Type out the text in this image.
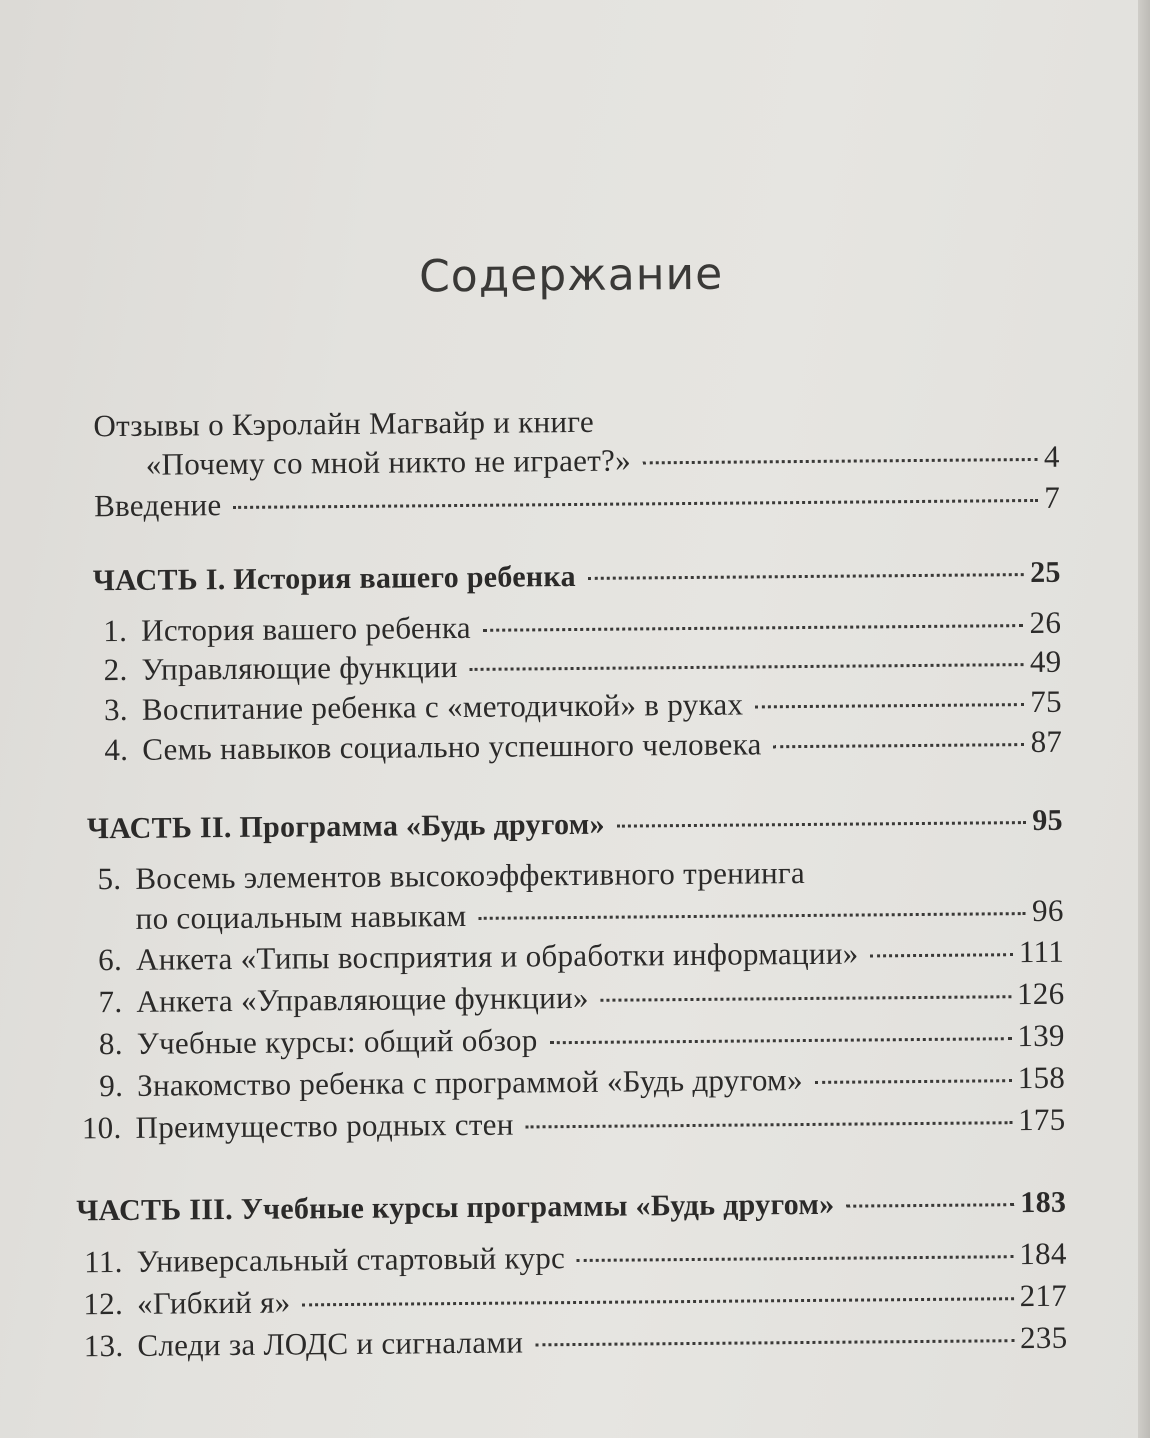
Содержание
Отзывы о Кэролайн Магвайр и книге
«Почему со мной никто не играет?»	4
Введение	7
ЧАСТЬ I. История вашего ребенка	25
1. История вашего ребенка	26
2. Управляющие функции	49
3. Воспитание ребенка с «методичкой» в руках	75
4. Семь навыков социально успешного человека	87
ЧАСТЬ II. Программа «Будь другом»	95
5. Восемь элементов высокоэффективного тренинга
по социальным навыкам	96
6. Анкета «Типы восприятия и обработки информации»	111
7. Анкета «Управляющие функции»	126
8. Учебные курсы: общий обзор	139
9. Знакомство ребенка с программой «Будь другом»	158
10. Преимущество родных стен	175
ЧАСТЬ III. Учебные курсы программы «Будь другом»	183
11. Универсальный стартовый курс	184
12. «Гибкий я»	217
13. Следи за ЛОДС и сигналами	235
